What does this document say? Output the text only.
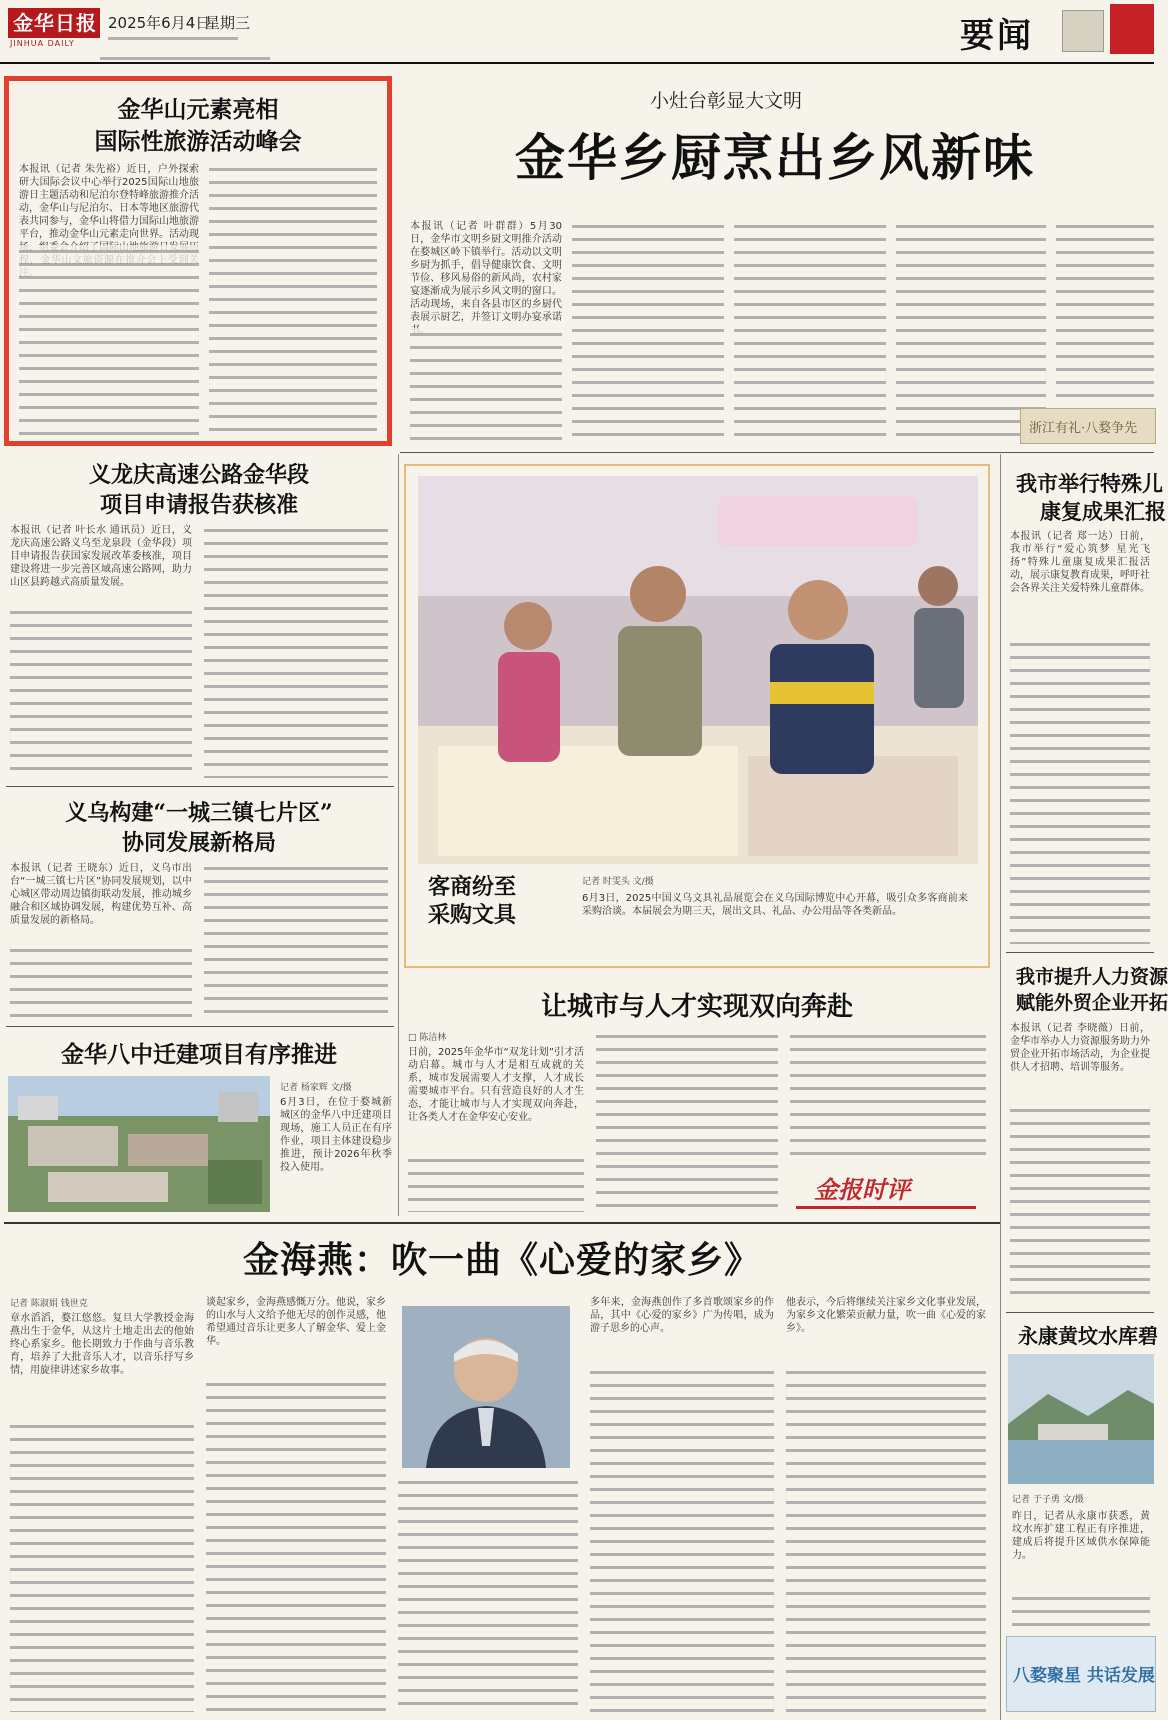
金华日报
JINHUA DAILY
2025年6月4日
星期三	要闻
金华山元素亮相
国际性旅游活动峰会
本报讯（记者 朱先裕）近日，户外探索研大国际会议中心举行2025国际山地旅游日主题活动和尼泊尔登特峰旅游推介活动，金华山与尼泊尔、日本等地区旅游代表共同参与，金华山将借力国际山地旅游平台，推动金华山元素走向世界。活动现
小灶台彰显大文明
金华乡厨烹出乡风新味
本报讯（记者 叶群群）5月30日，金华市文明乡厨文明推介活动在婺城区岭下镇举行。活动以文明乡厨为抓手，倡导健康饮食、文明节俭、移风易俗的新风尚，农村家宴逐渐成为展示乡风文明的窗口。活动现场，来自各县市区的乡厨代表展示厨艺，并签订文明办宴承诺
浙江有礼·八婺争先
义龙庆高速公路金华段
项目申请报告获核准
本报讯（记者 叶长水 通讯员）近日，义龙庆高速公路义乌至龙泉段（金华段）项目申请报告获国家发展改革委核准，项目建设将进一步完善区域高速公路网，助力山区县跨越式高质量发展。
义乌构建“一城三镇七片区”
协同发展新格局
本报讯（记者 王晓东）近日，义乌市出台“一城三镇七片区”协同发展规划，以中心城区带动周边镇街联动发展，推动城乡融合和区域协调发展，构建优势互补、高质量发展的新格局。
金华八中迁建项目有序推进
记者 杨家辉 文/摄
6月3日，在位于婺城新城区的金华八中迁建项目现场，施工人员正在有序作业，项目主体建设稳步推进，预计2026年秋季投入使用。
客商纷至
采购文具
记者 时雯头 文/摄
6月3日，2025中国义乌文具礼品展览会在义乌国际博览中心开幕，吸引众多客商前来采购洽谈。本届展会为期三天，展出文具、礼品、办公用品等各类新品。
让城市与人才实现双向奔赴
□ 陈洁林
日前，2025年金华市“双龙计划”引才活动启幕。城市与人才是相互成就的关系，城市发展需要人才支撑，人才成长需要城市平台。只有营造良好的人才生态，才能让城市与人才实现双向奔赴，让各类人才在金华安心安业。
金报时评
我市举行特殊儿
康复成果汇报
本报讯（记者 郑一达）日前，我市举行“爱心筑梦 星光飞扬”特殊儿童康复成果汇报活动，展示康复教育成果，呼吁社会各界关注关爱特殊儿童群体。
我市提升人力资源
赋能外贸企业开拓
本报讯（记者 李晓薇）日前，金华市举办人力资源服务助力外贸企业开拓市场活动，为企业提供人才招聘、培训等服务。
永康黄坟水库碧
记者 于子勇 文/摄
昨日，记者从永康市获悉，黄坟水库扩建工程正有序推进，建成后将提升区域供水保障能力。
八婺聚星 共话发展
金海燕：吹一曲《心爱的家乡》
记者 陈淑娟 钱世克
章水滔滔，婺江悠悠。复旦大学教授金海燕出生于金华，从这片土地走出去的他始终心系家乡。他长期致力于作曲与音乐教育，培养了大批音乐人才，以音乐抒写乡情，用旋律讲述家乡故事。
谈起家乡，金海燕感慨万分。他说，家乡的山水与人文给予他无尽的创作灵感，他希望通过音乐让更多人了解金华、爱上金华。
多年来，金海燕创作了多首歌颂家乡的作品，其中《心爱的家乡》广为传唱，成为游子思乡的心声。
他表示，今后将继续关注家乡文化事业发展，为家乡文化繁荣贡献力量，吹一曲《心爱的家乡》。
